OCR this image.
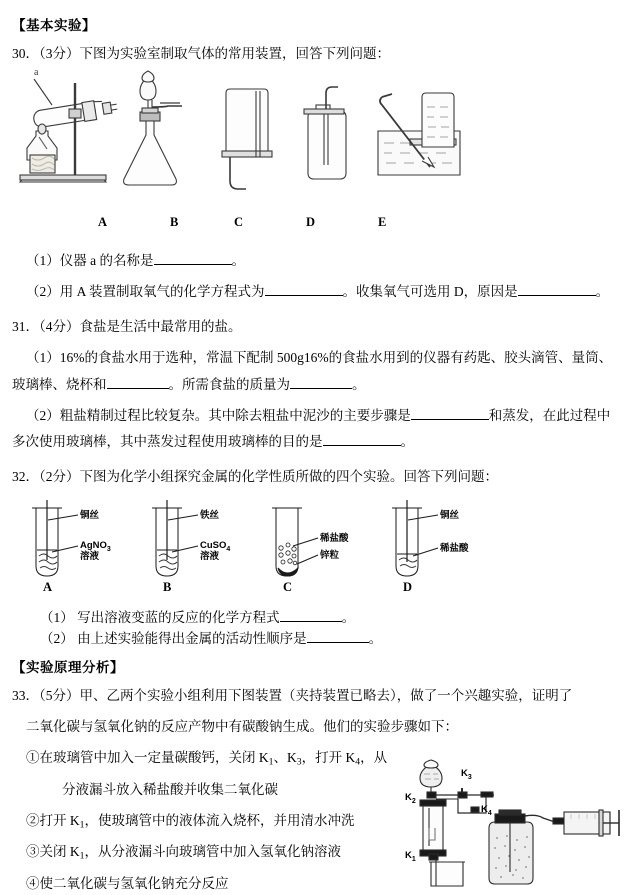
【基本实验】
30．（3分）下图为实验室制取气体的常用装置，回答下列问题：
a
A	B	C	D	E
（1）仪器 a 的名称是	。
（2）用 A 装置制取氧气的化学方程式为	。收集氧气可选用 D，原因是	。
31．（4分）食盐是生活中最常用的盐。
（1）16%的食盐水用于选种，常温下配制 500g16%的食盐水用到的仪器有药匙、胶头滴管、量筒、
玻璃棒、烧杯和	。所需食盐的质量为	。
（2）粗盐精制过程比较复杂。其中除去粗盐中泥沙的主要步骤是	和蒸发，在此过程中
多次使用玻璃棒，其中蒸发过程使用玻璃棒的目的是	。
32．（2分）下图为化学小组探究金属的化学性质所做的四个实验。回答下列问题：
铜丝
AgNO$_3$
溶液
A
铁丝
CuSO$_4$
溶液
B
稀盐酸
锌粒
C
铜丝
稀盐酸
D
（1） 写出溶液变蓝的反应的化学方程式	。
（2） 由上述实验能得出金属的活动性顺序是	。
【实验原理分析】
33．（5分）甲、乙两个实验小组利用下图装置（夹持装置已略去），做了一个兴趣实验，证明了
二氧化碳与氢氧化钠的反应产物中有碳酸钠生成。他们的实验步骤如下：
①在玻璃管中加入一定量碳酸钙，关闭 $K_1$、$K_3$，打开 $K_4$，从
分液漏斗放入稀盐酸并收集二氧化碳
②打开 $K_1$，使玻璃管中的液体流入烧杯，并用清水冲洗
③关闭 $K_1$，从分液漏斗向玻璃管中加入氢氧化钠溶液
④使二氧化碳与氢氧化钠充分反应
$K_2$
$K_3$
$K_4$
$K_1$
